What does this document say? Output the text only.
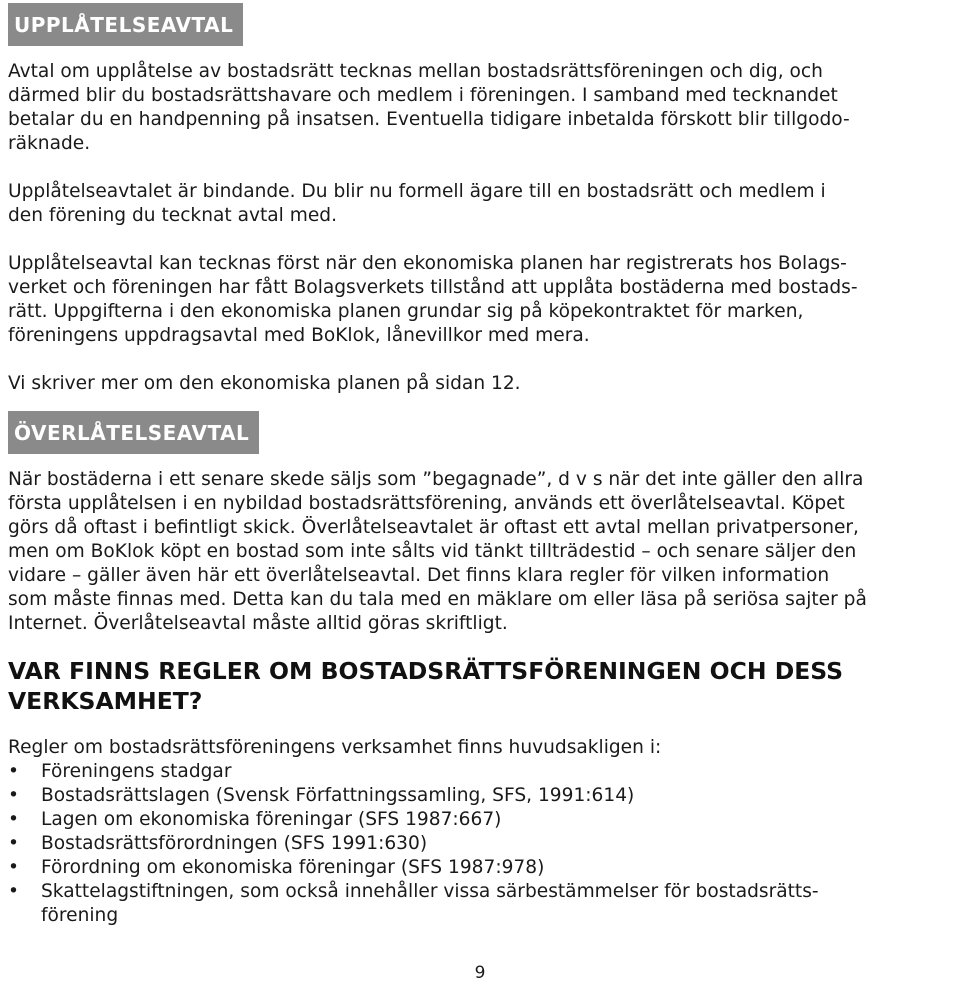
UPPLÅTELSEAVTAL

Avtal om upplåtelse av bostadsrätt tecknas mellan bostadsrättsföreningen och dig, och
därmed blir du bostadsrättshavare och medlem i föreningen. I samband med tecknandet
betalar du en handpenning på insatsen. Eventuella tidigare inbetalda förskott blir tillgodo-
räknade.

Upplåtelseavtalet är bindande. Du blir nu formell ägare till en bostadsrätt och medlem i
den förening du tecknat avtal med.

Upplåtelseavtal kan tecknas först när den ekonomiska planen har registrerats hos Bolags-
verket och föreningen har fått Bolagsverkets tillstånd att upplåta bostäderna med bostads-
rätt. Uppgifterna i den ekonomiska planen grundar sig på köpekontraktet för marken,
föreningens uppdragsavtal med BoKlok, lånevillkor med mera.

Vi skriver mer om den ekonomiska planen på sidan 12.

ÖVERLÅTELSEAVTAL

När bostäderna i ett senare skede säljs som ”begagnade”, d v s när det inte gäller den allra
första upplåtelsen i en nybildad bostadsrättsförening, används ett överlåtelseavtal. Köpet
görs då oftast i befintligt skick. Överlåtelseavtalet är oftast ett avtal mellan privatpersoner,
men om BoKlok köpt en bostad som inte sålts vid tänkt tillträdestid – och senare säljer den
vidare – gäller även här ett överlåtelseavtal. Det finns klara regler för vilken information
som måste finnas med. Detta kan du tala med en mäklare om eller läsa på seriösa sajter på
Internet. Överlåtelseavtal måste alltid göras skriftligt.

VAR FINNS REGLER OM BOSTADSRÄTTSFÖRENINGEN OCH DESS
VERKSAMHET?

Regler om bostadsrättsföreningens verksamhet finns huvudsakligen i:

•	Föreningens stadgar
•	Bostadsrättslagen (Svensk Författningssamling, SFS, 1991:614)
•	Lagen om ekonomiska föreningar (SFS 1987:667)
•	Bostadsrättsförordningen (SFS 1991:630)
•	Förordning om ekonomiska föreningar (SFS 1987:978)
•	Skattelagstiftningen, som också innehåller vissa särbestämmelser för bostadsrätts-
förening

9
